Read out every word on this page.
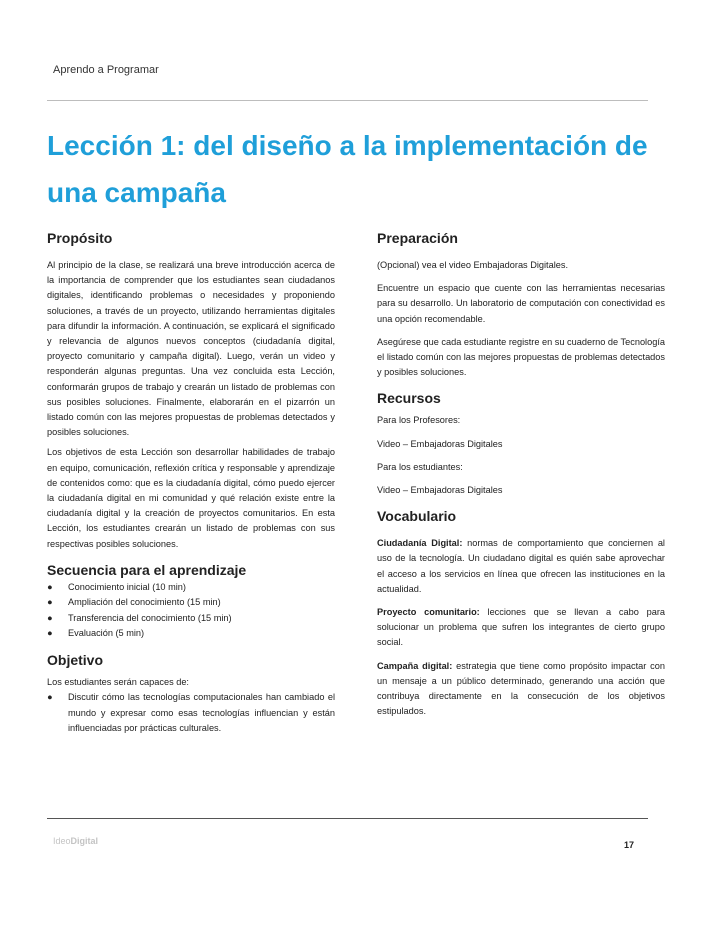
Aprendo a Programar
Lección 1: del diseño a la implementación de una campaña
Propósito

Al principio de la clase, se realizará una breve introducción acerca de la importancia de comprender que los estudiantes sean ciudadanos digitales, identificando problemas o necesidades y proponiendo soluciones, a través de un proyecto, utilizando herramientas digitales para difundir la información. A continuación, se explicará el significado y relevancia de algunos nuevos conceptos (ciudadanía digital, proyecto comunitario y campaña digital). Luego, verán un video y responderán algunas preguntas. Una vez concluida esta Lección, conformarán grupos de trabajo y crearán un listado de problemas con sus posibles soluciones. Finalmente, elaborarán en el pizarrón un listado común con las mejores propuestas de problemas detectados y posibles soluciones.

Los objetivos de esta Lección son desarrollar habilidades de trabajo en equipo, comunicación, reflexión crítica y responsable y aprendizaje de contenidos como: que es la ciudadanía digital, cómo puedo ejercer la ciudadanía digital en mi comunidad y qué relación existe entre la ciudadanía digital y la creación de proyectos comunitarios. En esta Lección, los estudiantes crearán un listado de problemas con sus respectivas posibles soluciones.

Secuencia para el aprendizaje
●	Conocimiento inicial (10 min)
●	Ampliación del conocimiento (15 min)
●	Transferencia del conocimiento (15 min)
●	Evaluación (5 min)
Objetivo

Los estudiantes serán capaces de:

●	Discutir cómo las tecnologías computacionales han cambiado el mundo y expresar como esas tecnologías influencian y están influenciadas por prácticas culturales.
Preparación

(Opcional) vea el video Embajadoras Digitales.

Encuentre un espacio que cuente con las herramientas necesarias para su desarrollo. Un laboratorio de computación con conectividad es una opción recomendable.

Asegúrese que cada estudiante registre en su cuaderno de Tecnología el listado común con las mejores propuestas de problemas detectados y posibles soluciones.

Recursos

Para los Profesores:

Video – Embajadoras Digitales

Para los estudiantes:

Video – Embajadoras Digitales

Vocabulario

Ciudadanía Digital: normas de comportamiento que conciernen al uso de la tecnología. Un ciudadano digital es quién sabe aprovechar el acceso a los servicios en línea que ofrecen las instituciones en la actualidad.

Proyecto comunitario: lecciones que se llevan a cabo para solucionar un problema que sufren los integrantes de cierto grupo social.

Campaña digital: estrategia que tiene como propósito impactar con un mensaje a un público determinado, generando una acción que contribuya directamente en la consecución de los objetivos estipulados.

IdeoDigital	17
